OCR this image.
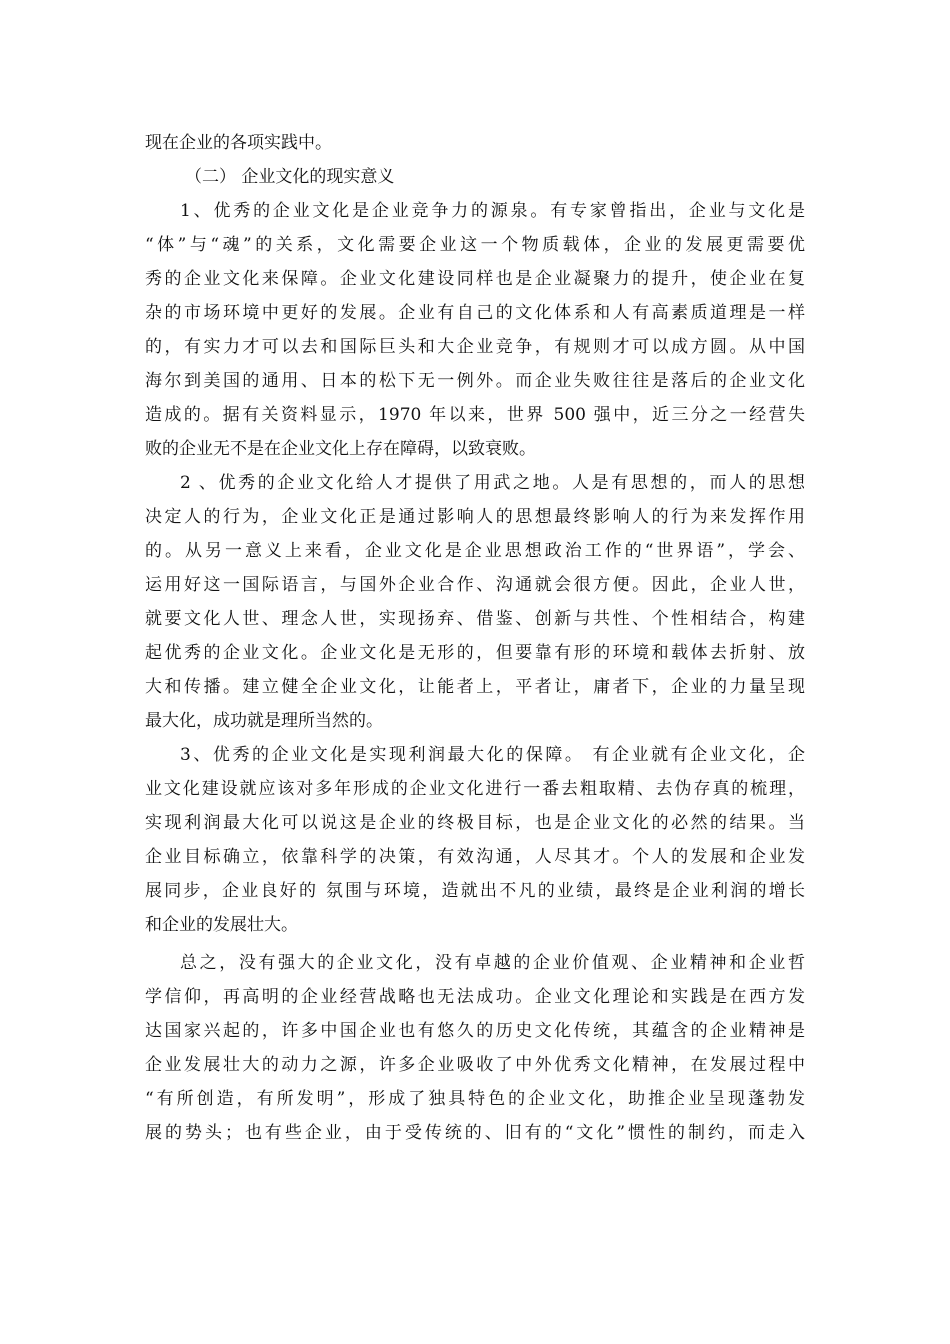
现在企业的各项实践中。
（二） 企业文化的现实意义
1、优秀的企业文化是企业竞争力的源泉。有专家曾指出，企业与文化是
“体”与“魂”的关系，文化需要企业这一个物质载体，企业的发展更需要优
秀的企业文化来保障。企业文化建设同样也是企业凝聚力的提升，使企业在复
杂的市场环境中更好的发展。企业有自己的文化体系和人有高素质道理是一样
的，有实力才可以去和国际巨头和大企业竞争，有规则才可以成方圆。从中国
海尔到美国的通用、日本的松下无一例外。而企业失败往往是落后的企业文化
造成的。据有关资料显示，1970 年以来，世界 500 强中，近三分之一经营失
败的企业无不是在企业文化上存在障碍，以致衰败。
2 、优秀的企业文化给人才提供了用武之地。人是有思想的，而人的思想
决定人的行为，企业文化正是通过影响人的思想最终影响人的行为来发挥作用
的。从另一意义上来看，企业文化是企业思想政治工作的“世界语”，学会、
运用好这一国际语言，与国外企业合作、沟通就会很方便。因此，企业人世，
就要文化人世、理念人世，实现扬弃、借鉴、创新与共性、个性相结合，构建
起优秀的企业文化。企业文化是无形的，但要靠有形的环境和载体去折射、放
大和传播。建立健全企业文化，让能者上，平者让，庸者下，企业的力量呈现
最大化，成功就是理所当然的。
3、优秀的企业文化是实现利润最大化的保障。 有企业就有企业文化，企
业文化建设就应该对多年形成的企业文化进行一番去粗取精、去伪存真的梳理，
实现利润最大化可以说这是企业的终极目标，也是企业文化的必然的结果。当
企业目标确立，依靠科学的决策，有效沟通，人尽其才。个人的发展和企业发
展同步，企业良好的 氛围与环境，造就出不凡的业绩，最终是企业利润的增长
和企业的发展壮大。
总之，没有强大的企业文化，没有卓越的企业价值观、企业精神和企业哲
学信仰，再高明的企业经营战略也无法成功。企业文化理论和实践是在西方发
达国家兴起的，许多中国企业也有悠久的历史文化传统，其蕴含的企业精神是
企业发展壮大的动力之源，许多企业吸收了中外优秀文化精神，在发展过程中
“有所创造，有所发明”，形成了独具特色的企业文化，助推企业呈现蓬勃发
展的势头；也有些企业，由于受传统的、旧有的“文化”惯性的制约，而走入
